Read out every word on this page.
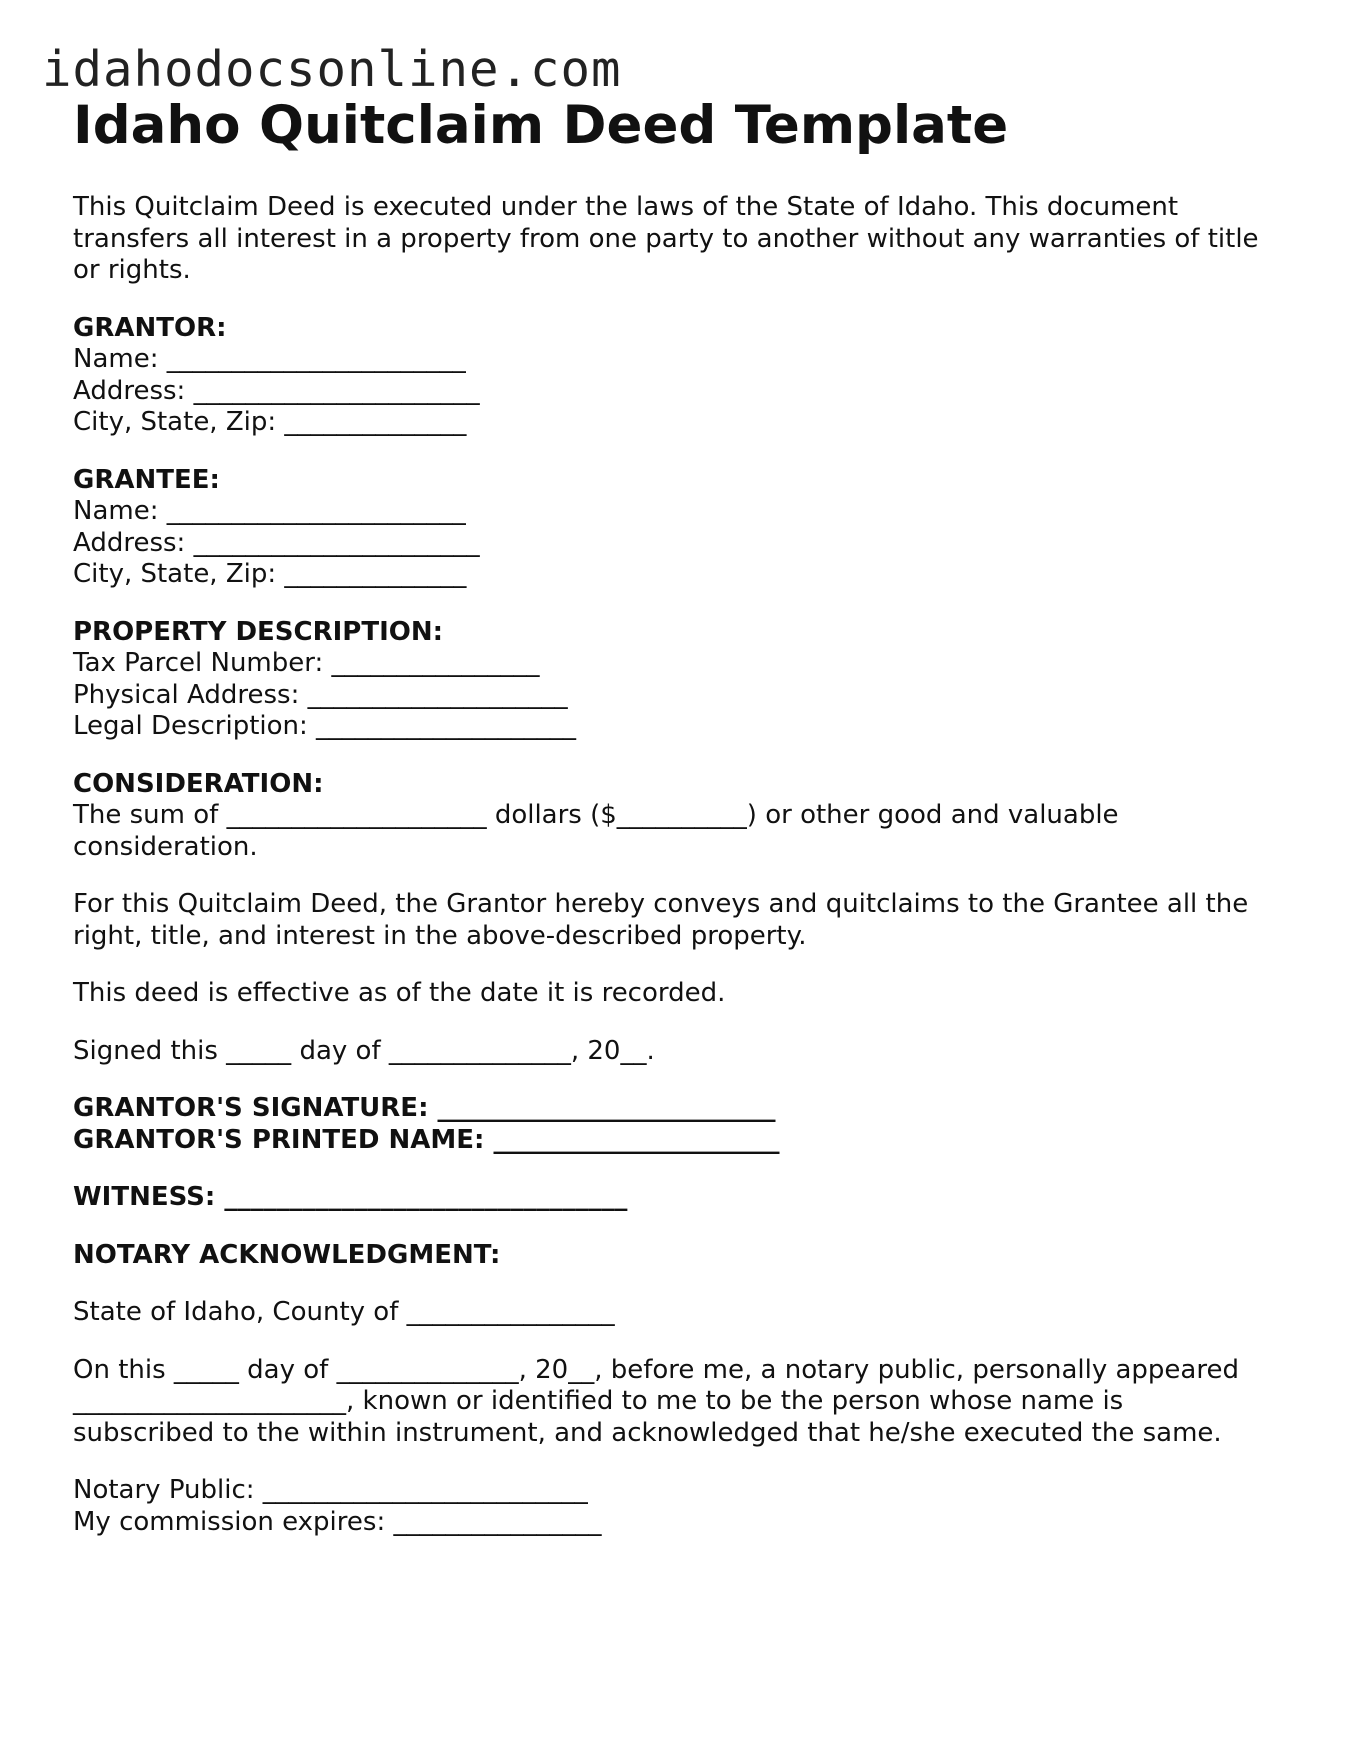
idahodocsonline.com
Idaho Quitclaim Deed Template

This Quitclaim Deed is executed under the laws of the State of Idaho. This document transfers all interest in a property from one party to another without any warranties of title or rights.

GRANTOR:

Name: _______________________

Address: ______________________

City, State, Zip: ______________

GRANTEE:

Name: _______________________

Address: ______________________

City, State, Zip: ______________

PROPERTY DESCRIPTION:

Tax Parcel Number: ________________

Physical Address: ____________________

Legal Description: ____________________

CONSIDERATION:

The sum of ____________________ dollars ($__________) or other good and valuable

consideration.

For this Quitclaim Deed, the Grantor hereby conveys and quitclaims to the Grantee all the

right, title, and interest in the above-described property.

This deed is effective as of the date it is recorded.

Signed this _____ day of ______________, 20__.

GRANTOR'S SIGNATURE: __________________________

GRANTOR'S PRINTED NAME: ______________________

WITNESS: _______________________________

NOTARY ACKNOWLEDGMENT:

State of Idaho, County of ________________

On this _____ day of ______________, 20__, before me, a notary public, personally appeared

_____________________, known or identified to me to be the person whose name is

subscribed to the within instrument, and acknowledged that he/she executed the same.

Notary Public: _________________________

My commission expires: ________________
